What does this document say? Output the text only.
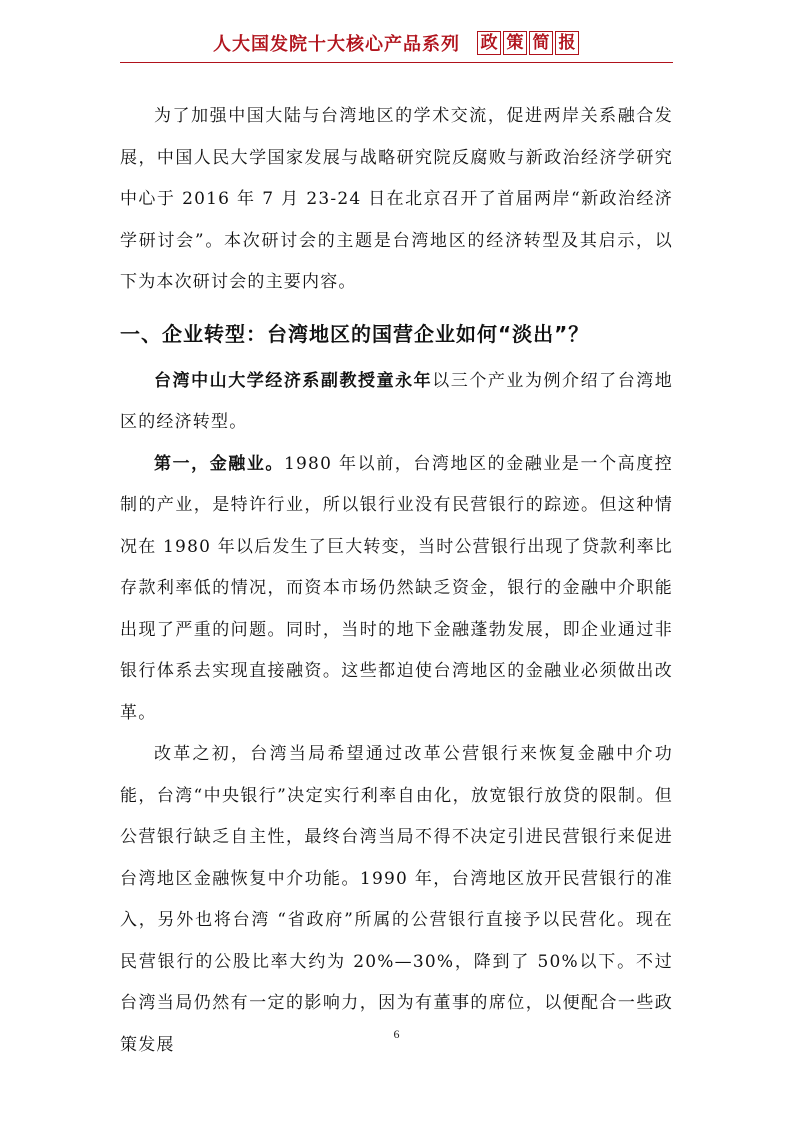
人大国发院十大核心产品系列 政 策 简 报

为了加强中国大陆与台湾地区的学术交流，促进两岸关系融合发展，中国人民大学国家发展与战略研究院反腐败与新政治经济学研究中心于 2016 年 7 月 23-24 日在北京召开了首届两岸“新政治经济学研讨会”。本次研讨会的主题是台湾地区的经济转型及其启示，以下为本次研讨会的主要内容。

一、企业转型：台湾地区的国营企业如何“淡出”？

台湾中山大学经济系副教授童永年以三个产业为例介绍了台湾地区的经济转型。

第一，金融业。1980 年以前，台湾地区的金融业是一个高度控制的产业，是特许行业，所以银行业没有民营银行的踪迹。但这种情况在 1980 年以后发生了巨大转变，当时公营银行出现了贷款利率比存款利率低的情况，而资本市场仍然缺乏资金，银行的金融中介职能出现了严重的问题。同时，当时的地下金融蓬勃发展，即企业通过非银行体系去实现直接融资。这些都迫使台湾地区的金融业必须做出改革。

改革之初，台湾当局希望通过改革公营银行来恢复金融中介功能，台湾“中央银行”决定实行利率自由化，放宽银行放贷的限制。但公营银行缺乏自主性，最终台湾当局不得不决定引进民营银行来促进台湾地区金融恢复中介功能。1990 年，台湾地区放开民营银行的准入，另外也将台湾 “省政府”所属的公营银行直接予以民营化。现在民营银行的公股比率大约为 20%—30%，降到了 50%以下。不过台湾当局仍然有一定的影响力，因为有董事的席位，以便配合一些政策发展

6
